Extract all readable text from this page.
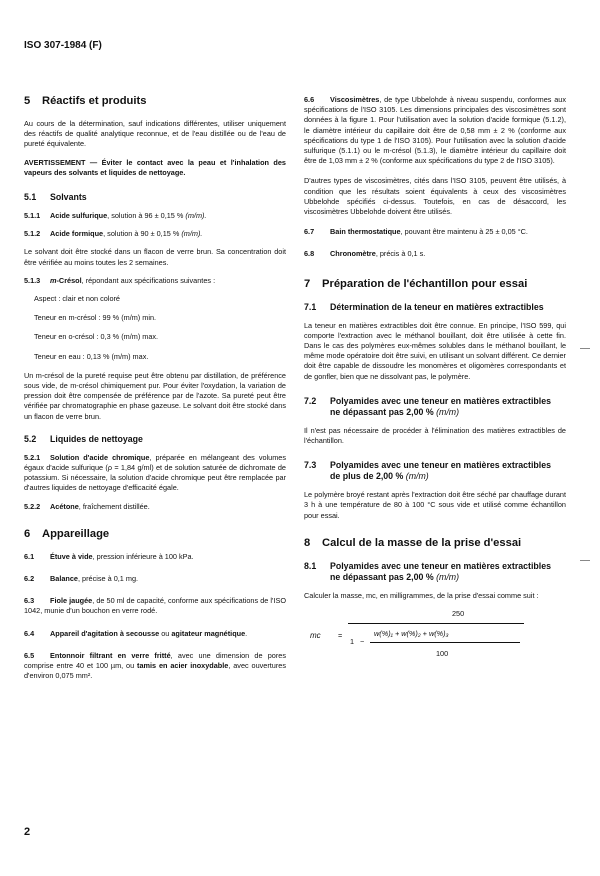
ISO 307-1984 (F)
5 Réactifs et produits

Au cours de la détermination, sauf indications différentes, utiliser uniquement des réactifs de qualité analytique reconnue, et de l'eau distillée ou de l'eau de pureté équivalente.

AVERTISSEMENT — Éviter le contact avec la peau et l'inhalation des vapeurs des solvants et liquides de nettoyage.

5.1 Solvants

5.1.1 Acide sulfurique, solution à 96 ± 0,15 % (m/m).

5.1.2 Acide formique, solution à 90 ± 0,15 % (m/m).

Le solvant doit être stocké dans un flacon de verre brun. Sa concentration doit être vérifiée au moins toutes les 2 semaines.

5.1.3 m-Crésol, répondant aux spécifications suivantes :

Aspect : clair et non coloré

Teneur en m-crésol : 99 % (m/m) min.

Teneur en o-crésol : 0,3 % (m/m) max.

Teneur en eau : 0,13 % (m/m) max.

Un m-crésol de la pureté requise peut être obtenu par distillation, de préférence sous vide, de m-crésol chimiquement pur. Pour éviter l'oxydation, la variation de pression doit être compensée de préférence par de l'azote. Sa pureté peut être vérifiée par chromatographie en phase gazeuse. Le solvant doit être stocké dans un flacon de verre brun.

5.2 Liquides de nettoyage

5.2.1 Solution d'acide chromique, préparée en mélangeant des volumes égaux d'acide sulfurique (ρ = 1,84 g/ml) et de solution saturée de dichromate de potassium. Si nécessaire, la solution d'acide chromique peut être remplacée par d'autres liquides de nettoyage d'efficacité égale.

5.2.2 Acétone, fraîchement distillée.

6 Appareillage

6.1 Étuve à vide, pression inférieure à 100 kPa.

6.2 Balance, précise à 0,1 mg.

6.3 Fiole jaugée, de 50 ml de capacité, conforme aux spécifications de l'ISO 1042, munie d'un bouchon en verre rodé.

6.4 Appareil d'agitation à secousse ou agitateur magnétique.

6.5 Entonnoir filtrant en verre fritté, avec une dimension de pores comprise entre 40 et 100 µm, ou tamis en acier inoxydable, avec ouvertures d'environ 0,075 mm².

6.6 Viscosimètres, de type Ubbelohde à niveau suspendu, conformes aux spécifications de l'ISO 3105. Les dimensions principales des viscosimètres sont données à la figure 1. Pour l'utilisation avec la solution d'acide formique (5.1.2), le diamètre intérieur du capillaire doit être de 0,58 mm ± 2 % (conforme aux spécifications du type 1 de l'ISO 3105). Pour l'utilisation avec la solution d'acide sulfurique (5.1.1) ou le m-crésol (5.1.3), le diamètre intérieur du capillaire doit être de 1,03 mm ± 2 % (conforme aux spécifications du type 2 de l'ISO 3105).

D'autres types de viscosimètres, cités dans l'ISO 3105, peuvent être utilisés, à condition que les résultats soient équivalents à ceux des viscosimètres Ubbelohde spécifiés ci-dessus. Toutefois, en cas de désaccord, les viscosimètres Ubbelohde doivent être utilisés.

6.7 Bain thermostatique, pouvant être maintenu à 25 ± 0,05 °C.

6.8 Chronomètre, précis à 0,1 s.

7 Préparation de l'échantillon pour essai
7.1 Détermination de la teneur en matières extractibles

La teneur en matières extractibles doit être connue. En principe, l'ISO 599, qui comporte l'extraction avec le méthanol bouillant, doit être utilisée à cette fin. Dans le cas des polymères eux-mêmes solubles dans le méthanol bouillant, le même mode opératoire doit être suivi, en utilisant un solvant différent. Ce dernier doit être capable de dissoudre les monomères et oligomères correspondants et de gonfler, bien que ne dissolvant pas, le polymère.

7.2 Polyamides avec une teneur en matières extractibles ne dépassant pas 2,00 % (m/m)

Il n'est pas nécessaire de procéder à l'élimination des matières extractibles de l'échantillon.

7.3 Polyamides avec une teneur en matières extractibles de plus de 2,00 % (m/m)

Le polymère broyé restant après l'extraction doit être séché par chauffage durant 3 h à une température de 80 à 100 °C sous vide et utilisé comme échantillon pour essai.

8 Calcul de la masse de la prise d'essai
8.1 Polyamides avec une teneur en matières extractibles ne dépassant pas 2,00 % (m/m)

Calculer la masse, mc, en milligrammes, de la prise d'essai comme suit :

mc =
250
1 −
w(%)₁ + w(%)₂ + w(%)₃
100
2
